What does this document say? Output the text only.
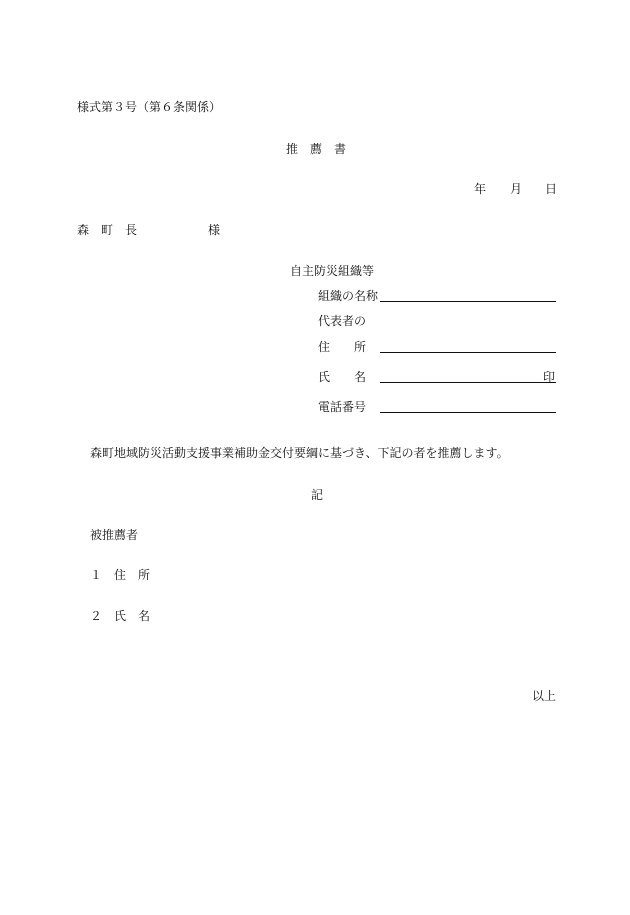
様式第３号（第６条関係）
推　薦　書
年 月 日
森　町　長	様
自主防災組織等
組織の名称
代表者の
住　　所
氏　　名	印
電話番号
森町地域防災活動支援事業補助金交付要綱に基づき、下記の者を推薦します。
記
被推薦者
１　住　所
２　氏　名
以上
